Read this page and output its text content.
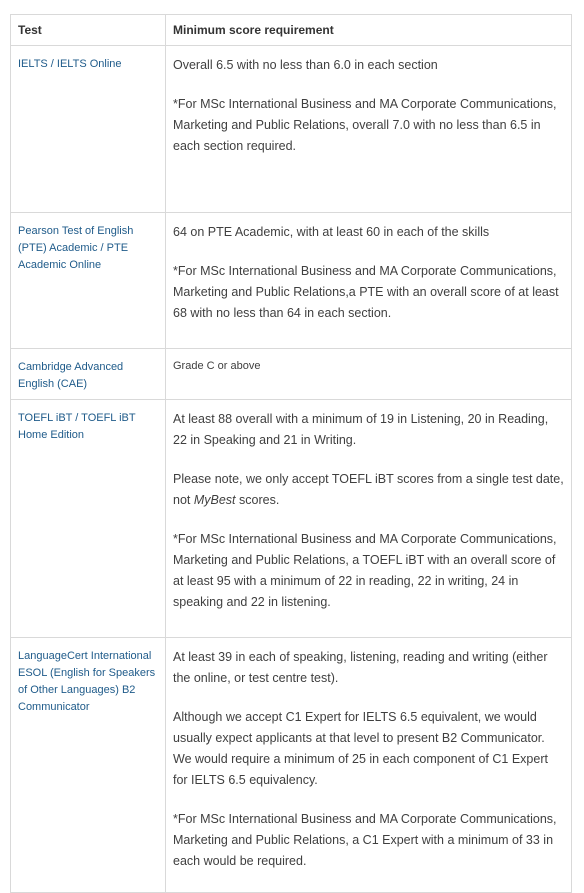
Test	Minimum score requirement
IELTS / IELTS Online	Overall 6.5 with no less than 6.0 in each section

*For MSc International Business and MA Corporate Communications, Marketing and Public Relations, overall 7.0 with no less than 6.5 in each section required.

Pearson Test of English (PTE) Academic / PTE Academic Online	64 on PTE Academic, with at least 60 in each of the skills

*For MSc International Business and MA Corporate Communications, Marketing and Public Relations,a PTE with an overall score of at least 68 with no less than 64 in each section.

Cambridge Advanced English (CAE)	Grade C or above

TOEFL iBT / TOEFL iBT Home Edition	At least 88 overall with a minimum of 19 in Listening, 20 in Reading, 22 in Speaking and 21 in Writing.

Please note, we only accept TOEFL iBT scores from a single test date, not MyBest scores.

*For MSc International Business and MA Corporate Communications, Marketing and Public Relations, a TOEFL iBT with an overall score of at least 95 with a minimum of 22 in reading, 22 in writing, 24 in speaking and 22 in listening.

LanguageCert International ESOL (English for Speakers of Other Languages) B2 Communicator	At least 39 in each of speaking, listening, reading and writing (either the online, or test centre test).

Although we accept C1 Expert for IELTS 6.5 equivalent, we would usually expect applicants at that level to present B2 Communicator. We would require a minimum of 25 in each component of C1 Expert for IELTS 6.5 equivalency.

*For MSc International Business and MA Corporate Communications, Marketing and Public Relations, a C1 Expert with a minimum of 33 in each would be required.
